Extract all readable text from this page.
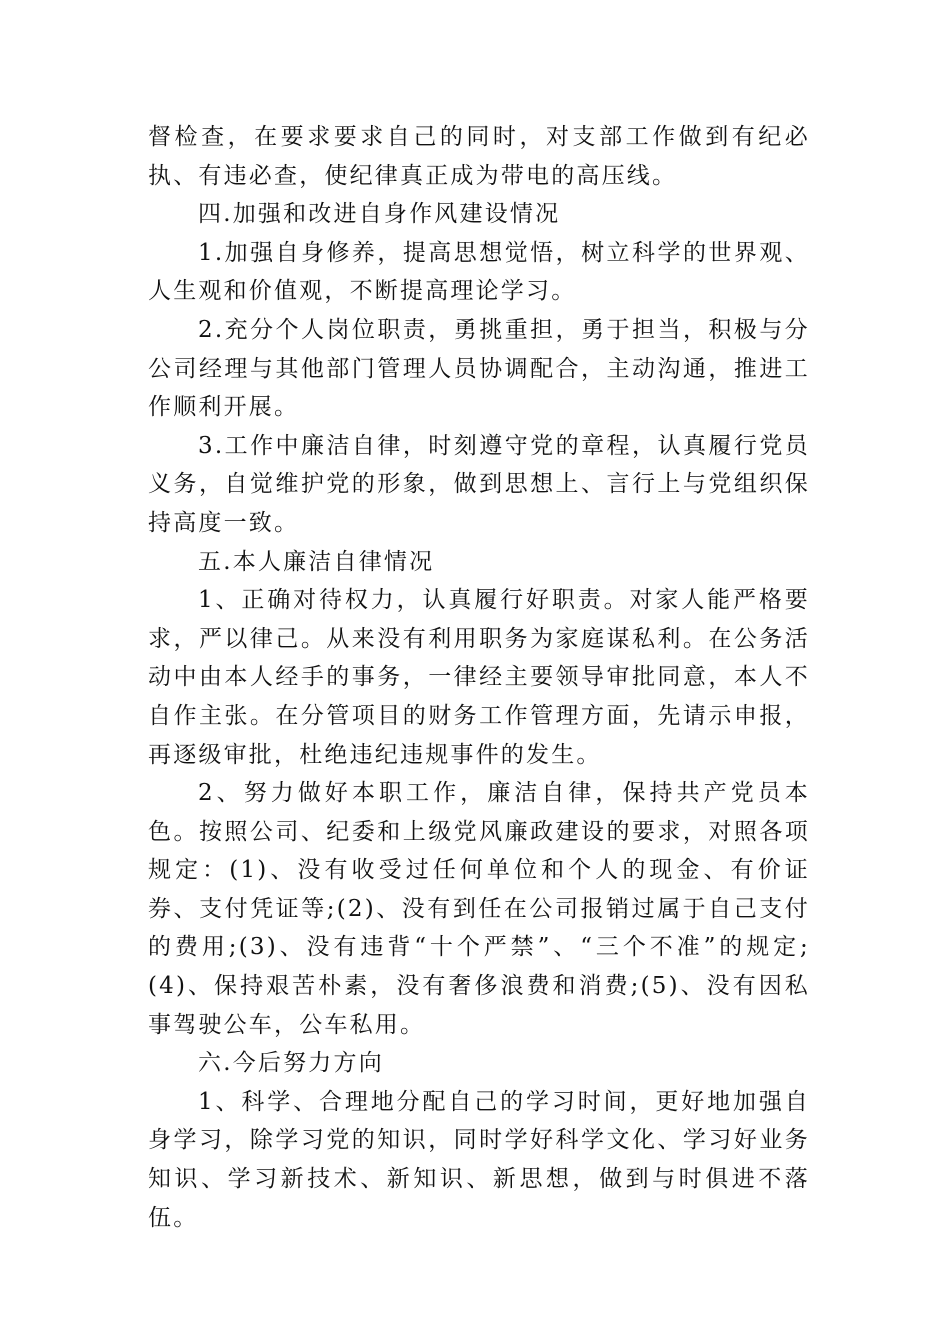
督检查，在要求要求自己的同时，对支部工作做到有纪必执、有违必查，使纪律真正成为带电的高压线。

四.加强和改进自身作风建设情况

1.加强自身修养，提高思想觉悟，树立科学的世界观、人生观和价值观，不断提高理论学习。

2.充分个人岗位职责，勇挑重担，勇于担当，积极与分公司经理与其他部门管理人员协调配合，主动沟通，推进工作顺利开展。

3.工作中廉洁自律，时刻遵守党的章程，认真履行党员义务，自觉维护党的形象，做到思想上、言行上与党组织保持高度一致。

五.本人廉洁自律情况

1、正确对待权力，认真履行好职责。对家人能严格要求，严以律己。从来没有利用职务为家庭谋私利。在公务活动中由本人经手的事务，一律经主要领导审批同意，本人不自作主张。在分管项目的财务工作管理方面，先请示申报，再逐级审批，杜绝违纪违规事件的发生。

2、努力做好本职工作，廉洁自律，保持共产党员本色。按照公司、纪委和上级党风廉政建设的要求，对照各项规定：(1)、没有收受过任何单位和个人的现金、有价证券、支付凭证等;(2)、没有到任在公司报销过属于自己支付的费用;(3)、没有违背“十个严禁”、“三个不准”的规定;(4)、保持艰苦朴素，没有奢侈浪费和消费;(5)、没有因私事驾驶公车，公车私用。

六.今后努力方向

1、科学、合理地分配自己的学习时间，更好地加强自身学习，除学习党的知识，同时学好科学文化、学习好业务知识、学习新技术、新知识、新思想，做到与时俱进不落伍。
